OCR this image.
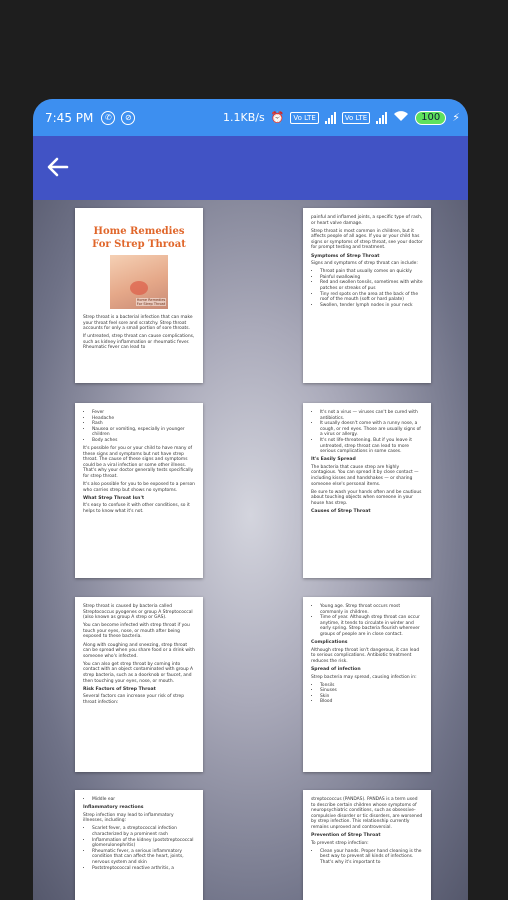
7:45 PM	✆	⊘	1.1KB/s ⏰	Vo LTE	Vo LTE	100	⚡
Home Remedies For Strep Throat
Home Remedies For Strep Throat

Strep throat is a bacterial infection that can make your throat feel sore and scratchy. Strep throat accounts for only a small portion of sore throats.

If untreated, strep throat can cause complications, such as kidney inflammation or rheumatic fever. Rheumatic fever can lead to

painful and inflamed joints, a specific type of rash, or heart valve damage.

Strep throat is most common in children, but it affects people of all ages. If you or your child has signs or symptoms of strep throat, see your doctor for prompt testing and treatment.

Symptoms of Strep Throat

Signs and symptoms of strep throat can include:

• Throat pain that usually comes on quickly
• Painful swallowing
• Red and swollen tonsils, sometimes with white patches or streaks of pus
• Tiny red spots on the area at the back of the roof of the mouth (soft or hard palate)
• Swollen, tender lymph nodes in your neck
• Fever
• Headache
• Rash
• Nausea or vomiting, especially in younger children
• Body aches

It's possible for you or your child to have many of these signs and symptoms but not have strep throat. The cause of these signs and symptoms could be a viral infection or some other illness. That's why your doctor generally tests specifically for strep throat.

It's also possible for you to be exposed to a person who carries strep but shows no symptoms.

What Strep Throat Isn't

It's easy to confuse it with other conditions, so it helps to know what it's not.

• It's not a virus — viruses can't be cured with antibiotics.
• It usually doesn't come with a runny nose, a cough, or red eyes. Those are usually signs of a virus or allergy.
• It's not life-threatening. But if you leave it untreated, strep throat can lead to more serious complications in some cases.
It's Easily Spread

The bacteria that cause strep are highly contagious. You can spread it by close contact — including kisses and handshakes — or sharing someone else's personal items.

Be sure to wash your hands often and be cautious about touching objects when someone in your house has strep.

Causes of Strep Throat

Strep throat is caused by bacteria called Streptococcus pyogenes or group A Streptococcal (also known as group A strep or GAS).

You can become infected with strep throat if you touch your eyes, nose, or mouth after being exposed to these bacteria.

Along with coughing and sneezing, strep throat can be spread when you share food or a drink with someone who's infected.

You can also get strep throat by coming into contact with an object contaminated with group A strep bacteria, such as a doorknob or faucet, and then touching your eyes, nose, or mouth.

Risk Factors of Strep Throat

Several factors can increase your risk of strep throat infection:

• Young age. Strep throat occurs most commonly in children.
• Time of year. Although strep throat can occur anytime, it tends to circulate in winter and early spring. Strep bacteria flourish wherever groups of people are in close contact.
Complications

Although strep throat isn't dangerous, it can lead to serious complications. Antibiotic treatment reduces the risk.

Spread of infection

Strep bacteria may spread, causing infection in:

• Tonsils
• Sinuses
• Skin
• Blood
• Middle ear
Inflammatory reactions

Strep infection may lead to inflammatory illnesses, including:

• Scarlet fever, a streptococcal infection characterized by a prominent rash
• Inflammation of the kidney (poststreptococcal glomerulonephritis)
• Rheumatic fever, a serious inflammatory condition that can affect the heart, joints, nervous system and skin
• Poststreptococcal reactive arthritis, a

streptococcus (PANDAS). PANDAS is a term used to describe certain children whose symptoms of neuropsychiatric conditions, such as obsessive-compulsive disorder or tic disorders, are worsened by strep infection. This relationship currently remains unproved and controversial.

Prevention of Strep Throat

To prevent strep infection:

• Clean your hands. Proper hand cleaning is the best way to prevent all kinds of infections. That's why it's important to
